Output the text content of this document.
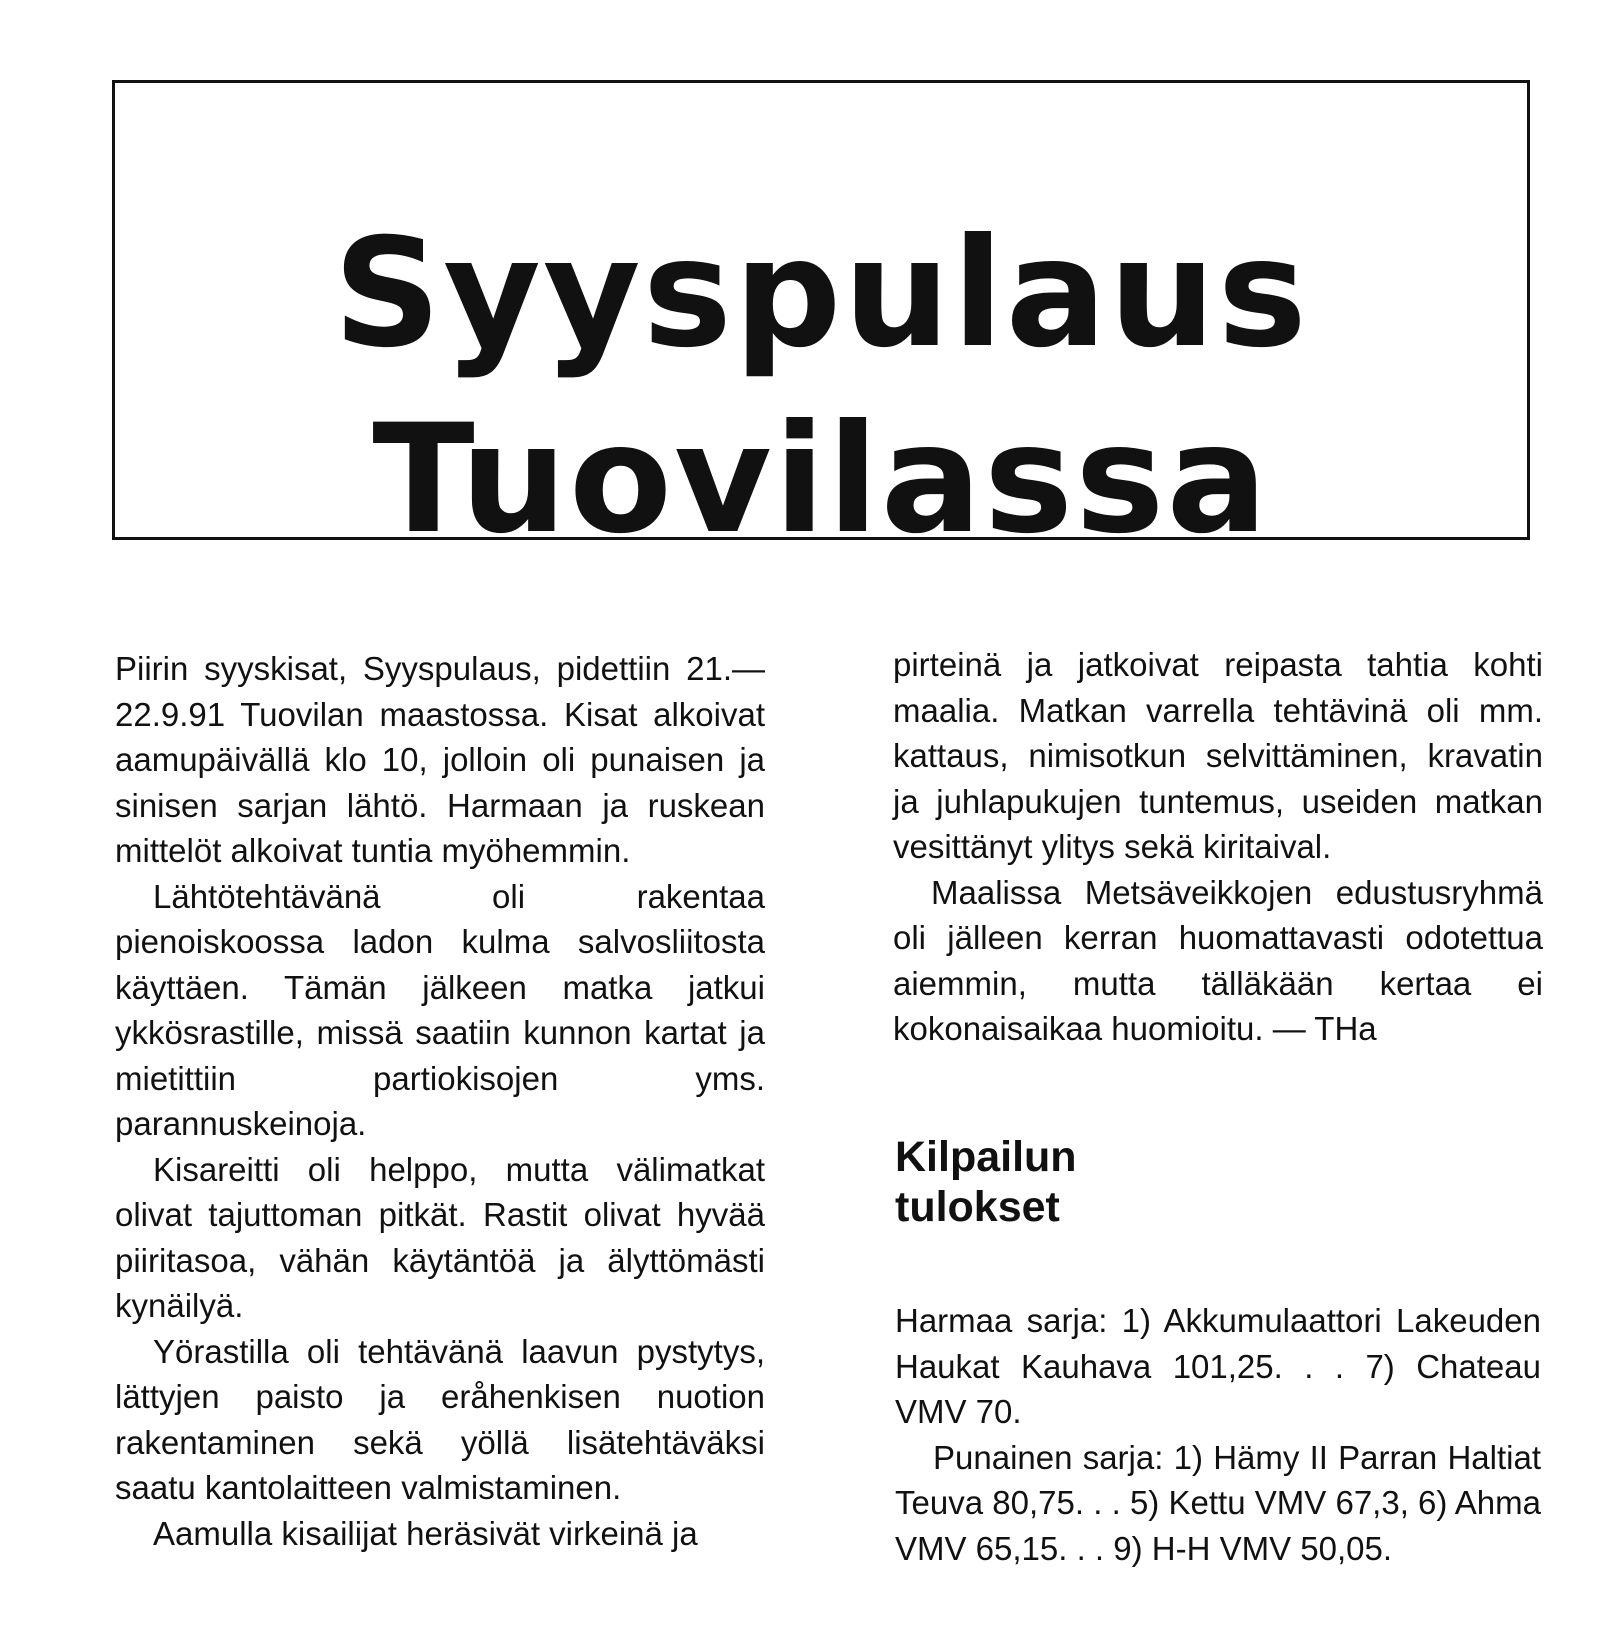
Syyspulaus
Tuovilassa

Piirin syyskisat, Syyspulaus, pidettiin 21.—22.9.91 Tuovilan maastossa. Kisat alkoivat aamupäivällä klo 10, jolloin oli punaisen ja sinisen sarjan lähtö. Harmaan ja ruskean mittelöt alkoivat tuntia myöhemmin.

Lähtötehtävänä oli rakentaa pienoiskoossa ladon kulma salvosliitosta käyttäen. Tämän jälkeen matka jatkui ykkösrastille, missä saatiin kunnon kartat ja mietittiin partiokisojen yms. parannuskeinoja.

Kisareitti oli helppo, mutta välimatkat olivat tajuttoman pitkät. Rastit olivat hyvää piiritasoa, vähän käytäntöä ja älyttömästi kynäilyä.

Yörastilla oli tehtävänä laavun pystytys, lättyjen paisto ja eråhenkisen nuotion rakentaminen sekä yöllä lisätehtäväksi saatu kantolaitteen valmistaminen.

Aamulla kisailijat heräsivät virkeinä ja

pirteinä ja jatkoivat reipasta tahtia kohti maalia. Matkan varrella tehtävinä oli mm. kattaus, nimisotkun selvittäminen, kravatin ja juhlapukujen tuntemus, useiden matkan vesittänyt ylitys sekä kiritaival.

Maalissa Metsäveikkojen edustusryhmä oli jälleen kerran huomattavasti odotettua aiemmin, mutta tälläkään kertaa ei kokonaisaikaa huomioitu. — THa

Kilpailun
tulokset

Harmaa sarja: 1) Akkumulaattori Lakeuden Haukat Kauhava 101,25. . . 7) Chateau VMV 70.

Punainen sarja: 1) Hämy II Parran Haltiat Teuva 80,75. . . 5) Kettu VMV 67,3, 6) Ahma VMV 65,15. . . 9) H-H VMV 50,05.
